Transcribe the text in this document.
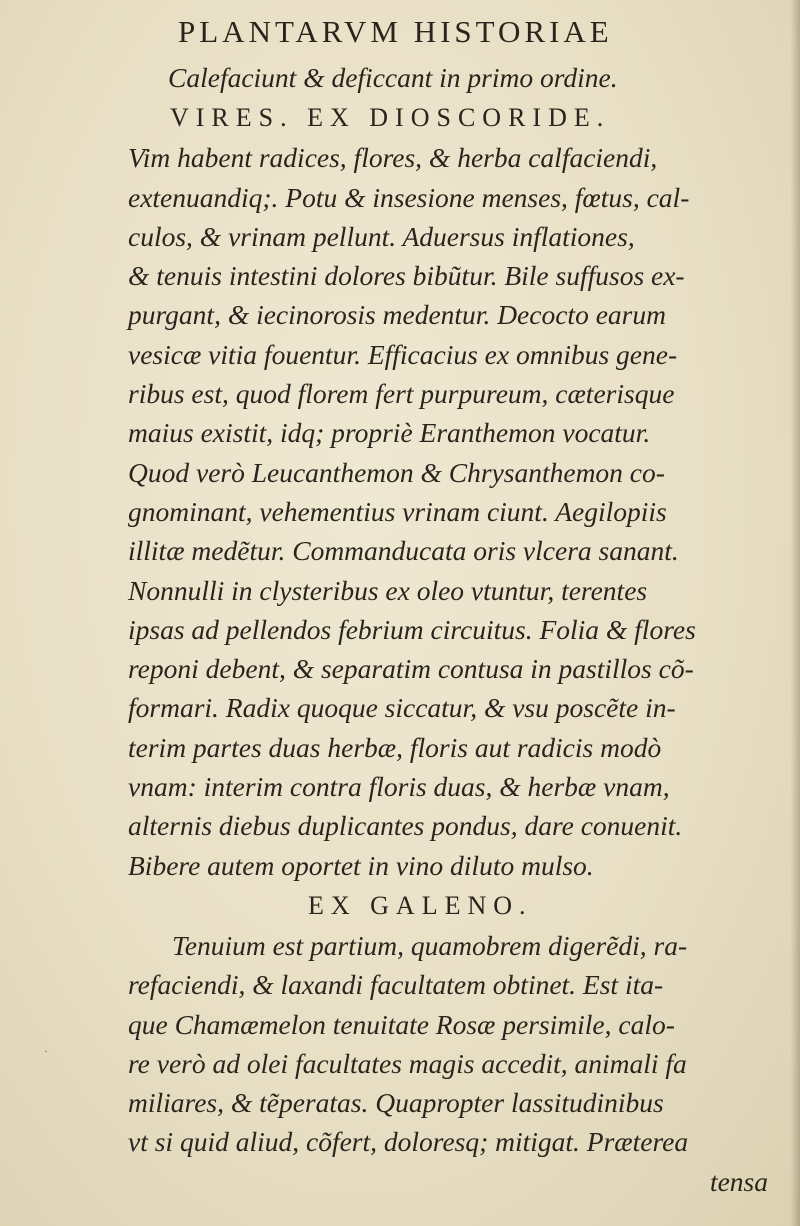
PLANTARVM HISTORIAE
Calefaciunt & deficcant in primo ordine.
VIRES. EX DIOSCORIDE.
Vim habent radices, flores, & herba calfaciendi,
extenuandiq;. Potu & insesione menses, fœtus, cal-
culos, & vrinam pellunt. Aduersus inflationes,
& tenuis intestini dolores bibũtur. Bile suffusos ex-
purgant, & iecinorosis medentur. Decocto earum
vesicæ vitia fouentur. Efficacius ex omnibus gene-
ribus est, quod florem fert purpureum, cæterisque
maius existit, idq; propriè Eranthemon vocatur.
Quod verò Leucanthemon & Chrysanthemon co-
gnominant, vehementius vrinam ciunt. Aegilopiis
illitæ medẽtur. Commanducata oris vlcera sanant.
Nonnulli in clysteribus ex oleo vtuntur, terentes
ipsas ad pellendos febrium circuitus. Folia & flores
reponi debent, & separatim contusa in pastillos cõ-
formari. Radix quoque siccatur, & vsu poscẽte in-
terim partes duas herbæ, floris aut radicis modò
vnam: interim contra floris duas, & herbæ vnam,
alternis diebus duplicantes pondus, dare conuenit.
Bibere autem oportet in vino diluto mulso.
EX GALENO.
Tenuium est partium, quamobrem digerẽdi, ra-
refaciendi, & laxandi facultatem obtinet. Est ita-
que Chamæmelon tenuitate Rosæ persimile, calo-
re verò ad olei facultates magis accedit, animali fa
miliares, & tẽperatas. Quapropter lassitudinibus
vt si quid aliud, cõfert, doloresq; mitigat. Præterea
tensa
ˋ
